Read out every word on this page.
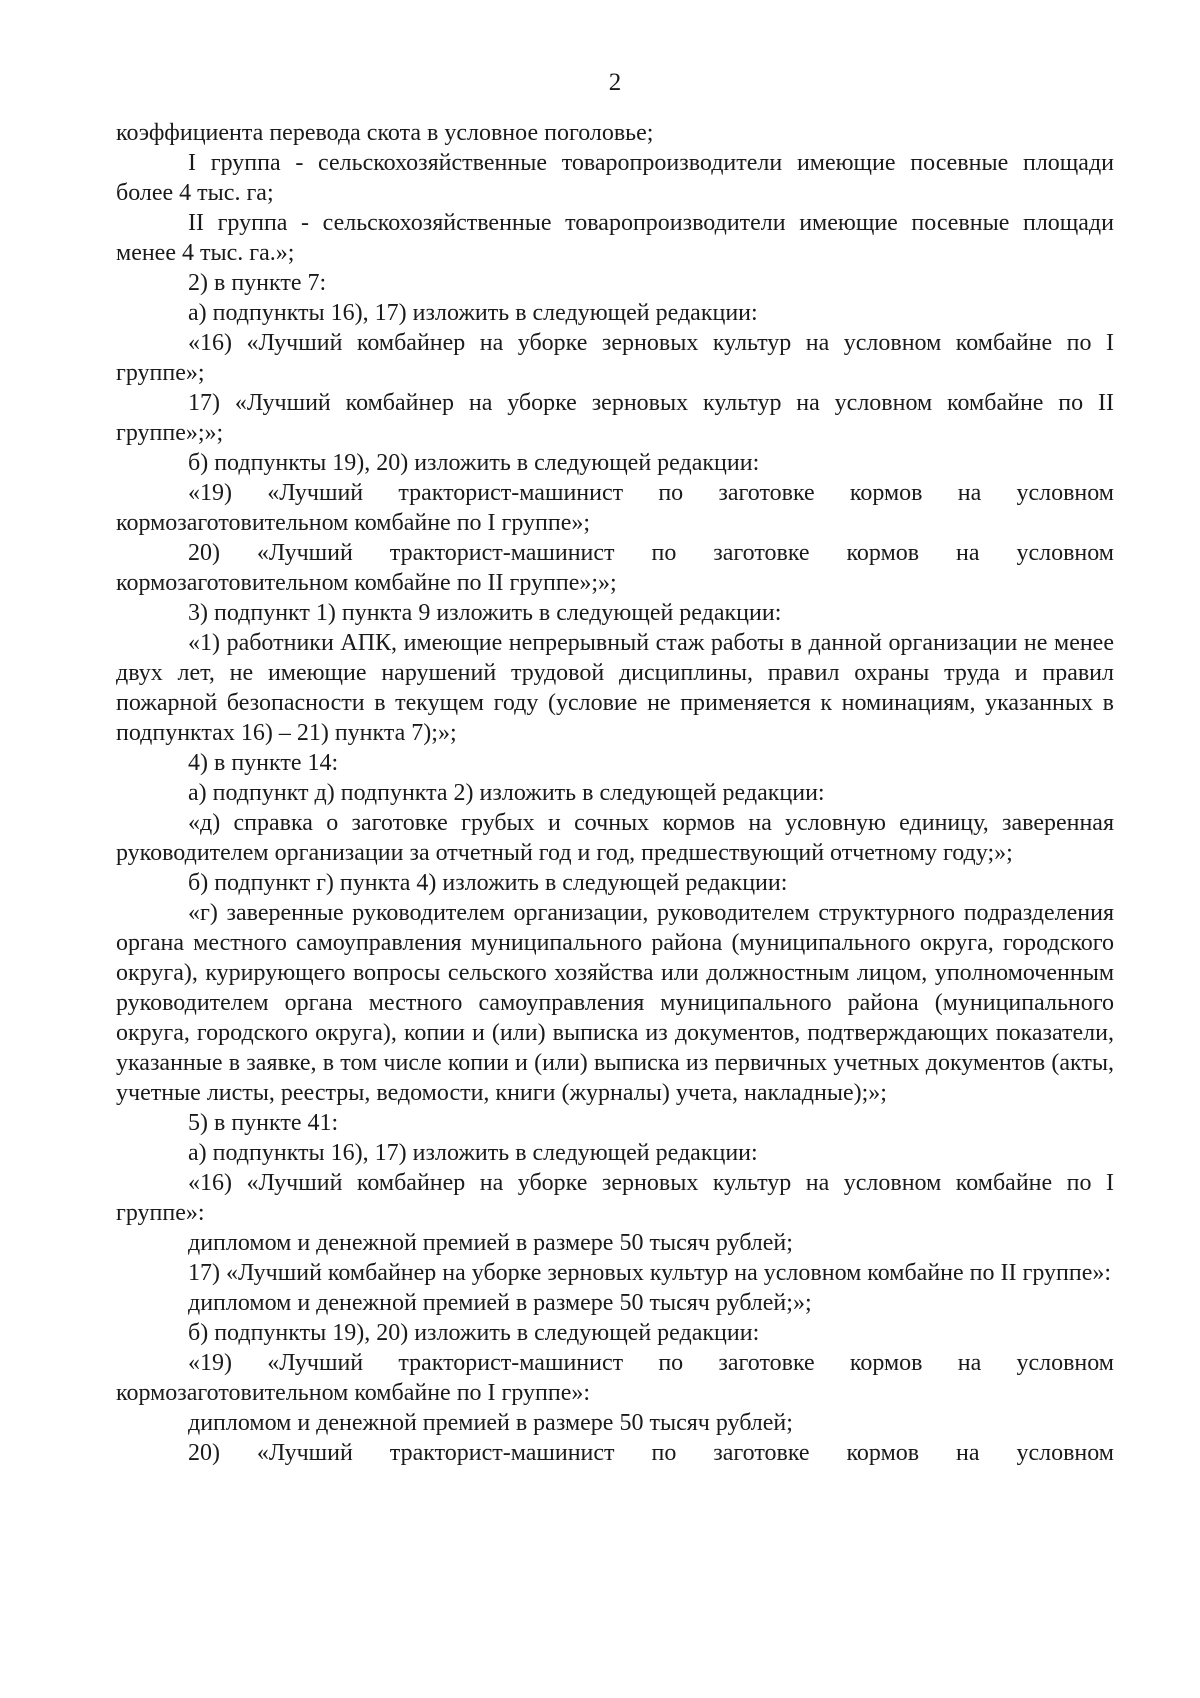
2

коэффициента перевода скота в условное поголовье;

I группа - сельскохозяйственные товаропроизводители имеющие посевные площади более 4 тыс. га;

II группа - сельскохозяйственные товаропроизводители имеющие посевные площади менее 4 тыс. га.»;

2) в пункте 7:

а) подпункты 16), 17) изложить в следующей редакции:

«16) «Лучший комбайнер на уборке зерновых культур на условном комбайне по I группе»;

17) «Лучший комбайнер на уборке зерновых культур на условном комбайне по II группе»;»;

б) подпункты 19), 20) изложить в следующей редакции:

«19) «Лучший тракторист-машинист по заготовке кормов на условном кормозаготовительном комбайне по I группе»;

20) «Лучший тракторист-машинист по заготовке кормов на условном кормозаготовительном комбайне по II группе»;»;

3) подпункт 1) пункта 9 изложить в следующей редакции:

«1) работники АПК, имеющие непрерывный стаж работы в данной организации не менее двух лет, не имеющие нарушений трудовой дисциплины, правил охраны труда и правил пожарной безопасности в текущем году (условие не применяется к номинациям, указанных в подпунктах 16) – 21) пункта 7);»;

4) в пункте 14:

а) подпункт д) подпункта 2) изложить в следующей редакции:

«д) справка о заготовке грубых и сочных кормов на условную единицу, заверенная руководителем организации за отчетный год и год, предшествующий отчетному году;»;

б) подпункт г) пункта 4) изложить в следующей редакции:

«г) заверенные руководителем организации, руководителем структурного подразделения органа местного самоуправления муниципального района (муниципального округа, городского округа), курирующего вопросы сельского хозяйства или должностным лицом, уполномоченным руководителем органа местного самоуправления муниципального района (муниципального округа, городского округа), копии и (или) выписка из документов, подтверждающих показатели, указанные в заявке, в том числе копии и (или) выписка из первичных учетных документов (акты, учетные листы, реестры, ведомости, книги (журналы) учета, накладные);»;

5) в пункте 41:

а) подпункты 16), 17) изложить в следующей редакции:

«16) «Лучший комбайнер на уборке зерновых культур на условном комбайне по I группе»:

дипломом и денежной премией в размере 50 тысяч рублей;

17) «Лучший комбайнер на уборке зерновых культур на условном комбайне по II группе»:

дипломом и денежной премией в размере 50 тысяч рублей;»;

б) подпункты 19), 20) изложить в следующей редакции:

«19) «Лучший тракторист-машинист по заготовке кормов на условном кормозаготовительном комбайне по I группе»:

дипломом и денежной премией в размере 50 тысяч рублей;

20) «Лучший тракторист-машинист по заготовке кормов на условном
